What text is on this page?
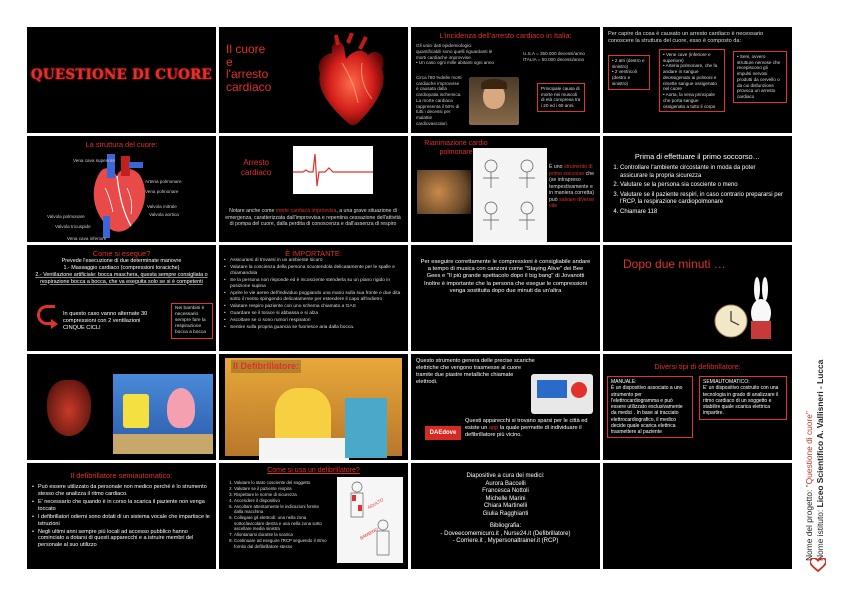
QUESTIONE DI CUORE
Il cuore
e
l'arresto
cardiaco
L'incidenza dell'arresto cardiaco in Italia:
Gli unici dati epidemiologici quantificabili sono quelli riguardanti le morti cardiache improvvise.
• Un caso ogni mille abitanti ogni anno
U.S.A = 350.000 decessi/anno ITALIA = 50.000 decessi/anno
Circa l'80 %delle morti cardiache improvvise è causata dalla cardiopatia ischemica. La morte cardiaca rappresenta il 50% di tutti i decessi per malattie cardiovascolari.
Principale causa di morte nei muscoli di età compresa tra i 20 ed i 60 anni.
Per capire da cosa è causato un arresto cardiaco è necessario conoscere la struttura del cuore, esso è composto da:
• 2 atri (destro e sinistro)
• 2 ventricoli (destro e sinistro)
• Vene cave (inferiore e superiore)
• Arteria polmonare, che fa andare in sangue deossigenato ai polmoni e rimette sangue ossigenato nel cuore
• Aorta, la vena principale che porta sangue ossigenato a tutto il corpo
• Seni, ovvero strutture nervose che recepiscono gli impulsi nervosi prodotti da cervello o da cui disfunzione provoca un arresto cardiaco
La struttura del cuore:
Vena cava superiore
Arteria polmonare
Vena polmonare
Valvola mitrale
Valvola aortica
Valvola polmonare
Valvola tricuspide
Vena cava inferiore
Arresto
cardiaco
Notare anche come morte cardiaca improvvisa, a una grave situazione di emergenza, caratterizzata dall'improvvisa e repentina cessazione dell'attività di pompa del cuore, dalla perdita di conoscenza e dall'assenza di respiro
Rianimazione cardio
polmonare
È uno strumento di primo soccorso che (se intrapreso tempestivamente e in maniera corretta) può salvare diverse vite
Prima di effettuare il primo soccorso…
1. Controllare l'ambiente circostante in moda da poter assicurare la propria sicurezza
2. Valutare se la persona sia cosciente o meno
3. Valutare se il paziente respiri, in caso contrario prepararsi per l'RCP, la respirazione cardiopolmonare
4. Chiamare 118
Come si esegue?
Prevede l'esecuzione di due determinate manovre
1.- Massaggio cardiaco (compressioni toraciche)
2.- Ventilazione artificiale: bocca maschera, questa sempre consigliata o respirazione bocca a bocca, che va eseguita solo se si è competenti
In questo caso vanno alternate 30 compressioni con 2 ventilazioni CINQUE CICLI
Nei bambini è necessario sempre fare la respirazione bocca a bocca
È IMPORTANTE:
• Assicurarsi di trovarsi in un ambiente sicuro
• Valutare la coscienza della persona scuotendola delicatamente per le spalle e chiamandola
• Se la persona non risponde ed è incosciente stenderla su un piano rigido in posizione supina
• Aprire le vie aeree dell'individuo poggiando una mano sulla sua fronte e due dita sotto il mento spingendo delicatamente per estendere il capo all'indietro
• Valutare respiro paziente con uno schema chiamato a GAS
• Guardare se il torace si abbassa e si alza
• Ascoltare se ci sono rumori respiratori
• Sentire sulla propria guancia se fuoriesce aria dalla bocca.
Per eseguire correttamente le compressioni è consigliabile andare a tempo di musica con canzoni come "Staying Alive" dei Bee Gees e "Il più grande spettacolo dopo il big bang" di Jovanotti Inoltre è importante che la persona che esegue le compressioni venga sostituita dopo due minuti da un'altra
Dopo due minuti …
Il Defibrillatore:	Questo strumento genera delle precise scariche elettriche che vengono trasmesse al cuore tramite due piastre metalliche chiamate elettrodi.
DAEdove
Questi apparecchi si trovano sparsi per le città ed esiste un app la quale permette di individuare il defibrillatore più vicino.
Diversi tipi di defibrillatore:
MANUALE:
È un dispositivo associato a uno strumento per l'elettrocardiogramma e può essere utilizzato esclusivamente da medici . In base al tracciato elettrocardiografico, il medico decide quale scarica elettrica trasmettere al paziente
SEMIAUTOMATICO:
E' un dispositivo costruito con una tecnologia in grado di analizzare il ritmo cardiaco di un soggetto e stabilire quale scarica elettrica impartire.
Il defibrillatore semiautomatico:
• Può essere utilizzato da personale non medico perché è lo strumento stesso che analizza il ritmo cardiaco.
• E' necessario che quando è in corso la scarica il paziente non venga toccato
• I defibrillatori odierni sono dotati di un sistema vocale che impartisce le istruzioni
• Negli ultimi anni sempre più locali ad accesso pubblico hanno cominciato a dotarsi di questi apparecchi e a istruire membri del personale al suo utilizzo
Come si usa un defibrillatore?
1. Valutare lo stato cosciente del soggetto
2. Valutare se il paziente respira
3. Rispettare le norme di sicurezza
4. Accendere il dispositivo
5. Ascoltare attentamente le indicazioni fornite dalla macchina
6. Collegare gli elettrodi: una nella zona sottoclavicolare destra e una nella zona sotto ascellare media sinistra
7. Allontanarsi durante la scarica
8. Continuare ad eseguire l'RCP seguendo il ritmo fornito dal defibrillatore stesso
ADULTO
BAMBINO
Diapositive a cura dei medici:
Aurora Baccelli
Francesca Nottoli
Michelle Marini
Chiara Martinelli
Giulia Ragghianti
Bibliografia:
- Doveecomemicuro.it , Nurse24.it (Defibrillatore)
- Corriere.it , Mypersonaltrainer.it (RCP)	Nome del progetto: "Questione di cuore"
Nome istituto: Liceo Scientifico A. Vallisneri - Lucca
